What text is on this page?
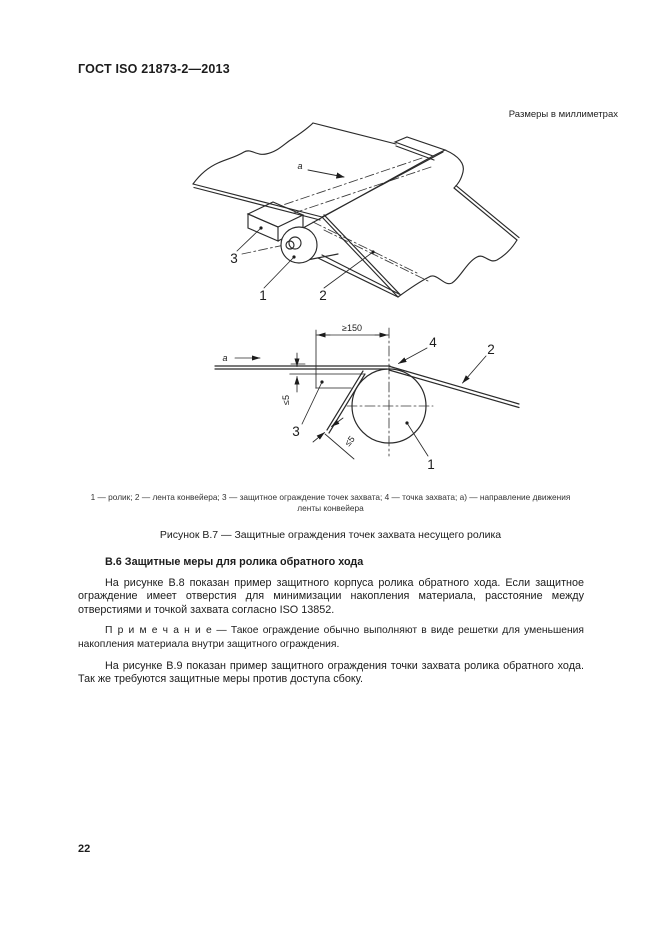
ГОСТ ISO 21873-2—2013
Размеры в миллиметрах
а
3
1	2
≥150
≤5
≤5
а
4	2
1
3
1 — ролик; 2 — лента конвейера; 3 — защитное ограждение точек захвата; 4 — точка захвата; а) — направление движения
ленты конвейера
Рисунок В.7 — Защитные ограждения точек захвата несущего ролика
В.6 Защитные меры для ролика обратного хода

На рисунке В.8 показан пример защитного корпуса ролика обратного хода. Если защитное ограждение имеет отверстия для минимизации накопления материала, расстояние между отверстиями и точкой захвата согласно ISO 13852.

П р и м е ч а н и е — Такое ограждение обычно выполняют в виде решетки для уменьшения накопления материала внутри защитного ограждения.

На рисунке В.9 показан пример защитного ограждения точки захвата ролика обратного хода. Так же требуются защитные меры против доступа сбоку.

22
